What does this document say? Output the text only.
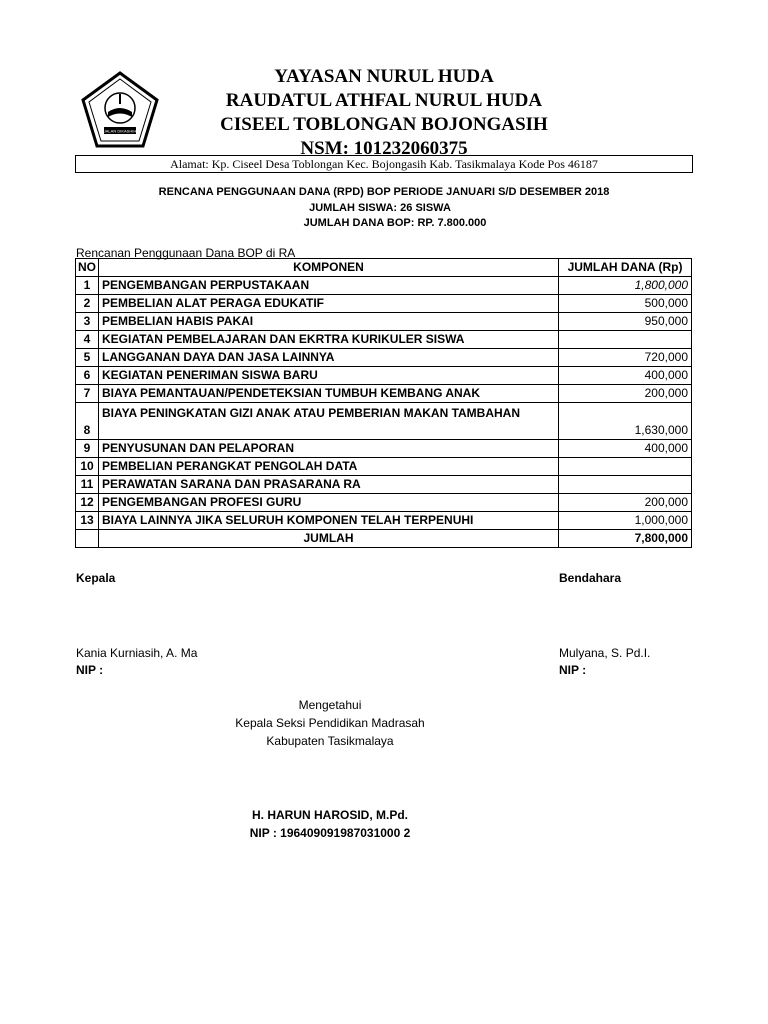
JALAN DIKASHIH
YAYASAN NURUL HUDA
RAUDATUL ATHFAL NURUL HUDA
CISEEL TOBLONGAN BOJONGASIH
NSM: 101232060375
Alamat: Kp. Ciseel Desa Toblongan Kec. Bojongasih Kab. Tasikmalaya Kode Pos 46187
RENCANA PENGGUNAAN DANA (RPD) BOP PERIODE JANUARI S/D DESEMBER 2018
JUMLAH SISWA: 26 SISWA
JUMLAH DANA BOP: RP. 7.800.000
Rencanan Penggunaan Dana BOP di RA
NO	KOMPONEN	JUMLAH DANA (Rp)
1	PENGEMBANGAN PERPUSTAKAAN	1,800,000
2	PEMBELIAN ALAT PERAGA EDUKATIF	500,000
3	PEMBELIAN HABIS PAKAI	950,000
4	KEGIATAN PEMBELAJARAN DAN EKRTRA KURIKULER SISWA	
5	LANGGANAN DAYA DAN JASA LAINNYA	720,000
6	KEGIATAN PENERIMAN SISWA BARU	400,000
7	BIAYA PEMANTAUAN/PENDETEKSIAN TUMBUH KEMBANG ANAK	200,000
8	BIAYA PENINGKATAN GIZI ANAK ATAU PEMBERIAN MAKAN TAMBAHAN	1,630,000
9	PENYUSUNAN DAN PELAPORAN	400,000
10	PEMBELIAN PERANGKAT PENGOLAH DATA	
11	PERAWATAN SARANA DAN PRASARANA RA	
12	PENGEMBANGAN PROFESI GURU	200,000
13	BIAYA LAINNYA JIKA SELURUH KOMPONEN TELAH TERPENUHI	1,000,000
	JUMLAH	7,800,000
Kepala	Bendahara
Kania Kurniasih, A. Ma
NIP :
Mulyana, S. Pd.I.
NIP :
Mengetahui
Kepala Seksi Pendidikan Madrasah
Kabupaten Tasikmalaya
H. HARUN HAROSID, M.Pd.
NIP : 196409091987031000 2
